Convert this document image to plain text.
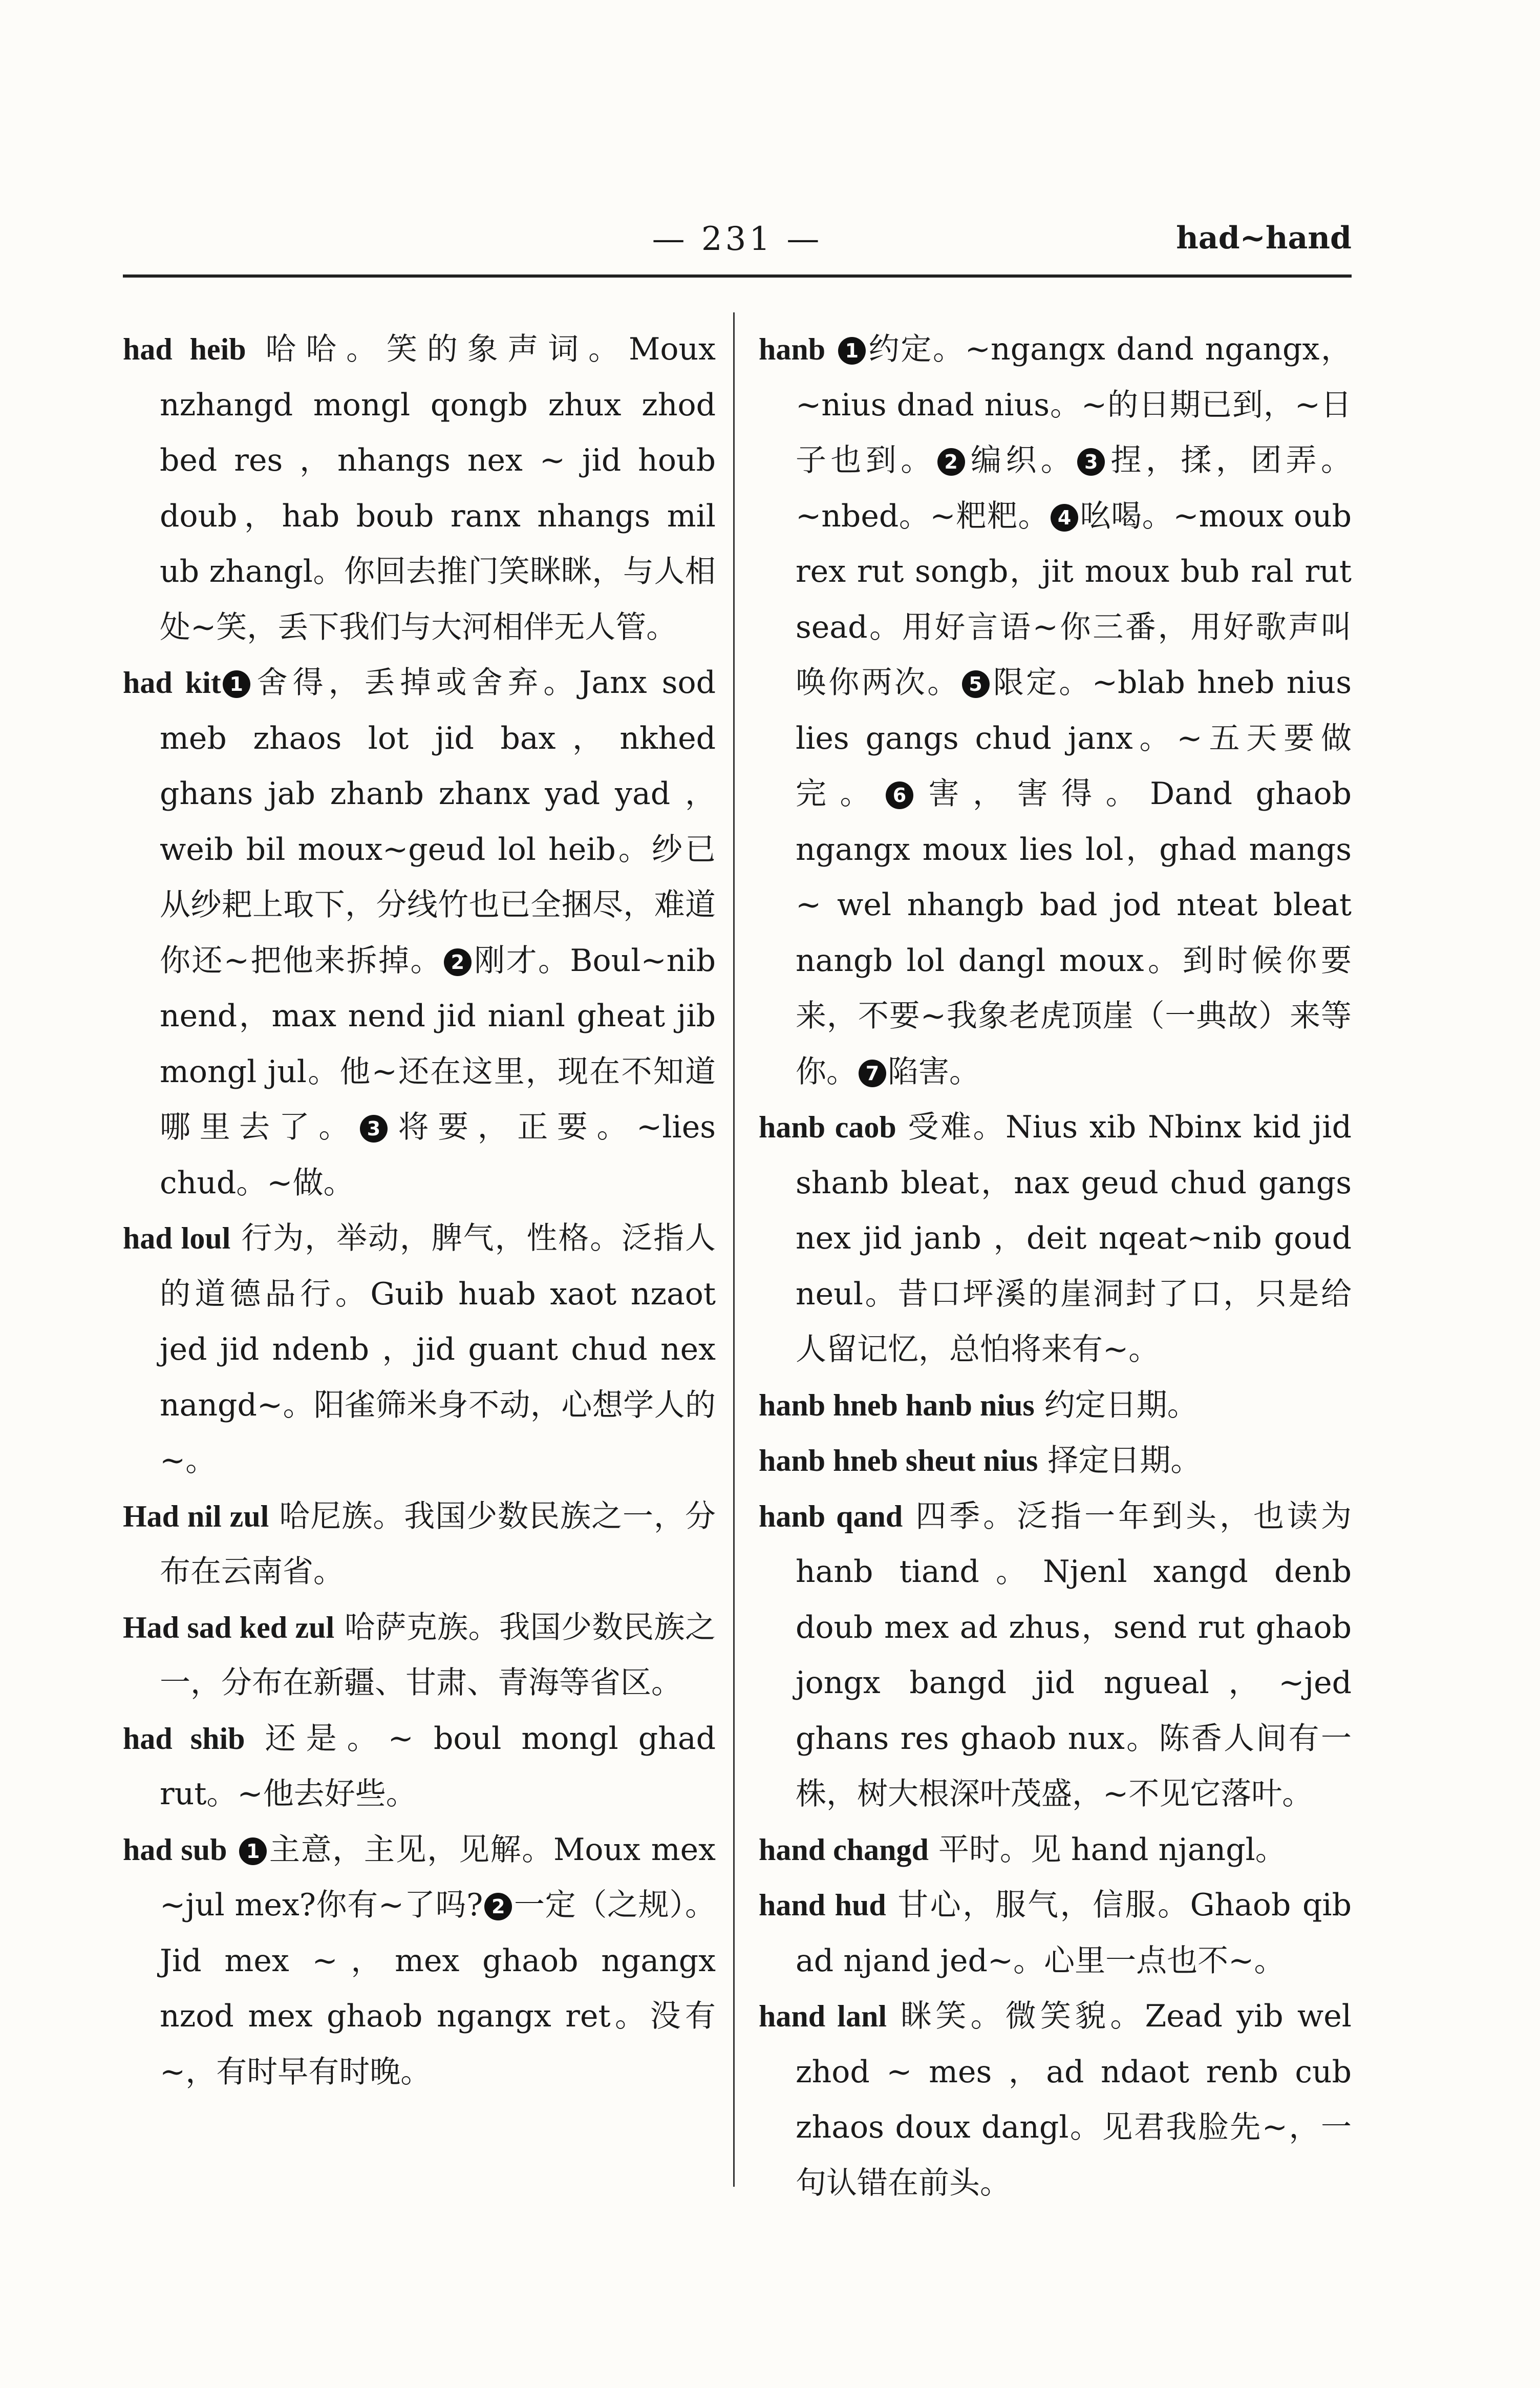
— 231 —	had~hand

had heib 哈哈。笑的象声词。Moux nzhangd mongl qongb zhux zhod bed res ，nhangs nex ~ jid houb doub，hab boub ranx nhangs mil ub zhangl。你回去推门笑眯眯，与人相处~笑，丢下我们与大河相伴无人管。

had kit 1 舍得，丢掉或舍弃。Janx sod meb zhaos lot jid bax，nkhed ghans jab zhanb zhanx yad yad ，weib bil moux~geud lol heib。纱已从纱耙上取下，分线竹也已全捆尽，难道你还~把他来拆掉。 2 刚才。Boul~nib nend，max nend jid nianl gheat jib mongl jul。他~还在这里，现在不知道哪里去了。 3 将要，正要。~lies chud。~做。

had loul 行为，举动，脾气，性格。泛指人的道德品行。Guib huab xaot nzaot jed jid ndenb ，jid guant chud nex nangd~。阳雀筛米身不动，心想学人的~。

Had nil zul 哈尼族。我国少数民族之一，分布在云南省。

Had sad ked zul 哈萨克族。我国少数民族之一，分布在新疆、甘肃、青海等省区。

had shib 还是。~ boul mongl ghad rut。~他去好些。

had sub 1 主意，主见，见解。Moux mex ~jul mex?你有~了吗? 2 一定（之规）。Jid mex ~，mex ghaob ngangx nzod mex ghaob ngangx ret。没有~，有时早有时晚。

hanb 1 约定。~ngangx dand ngangx，~nius dnad nius。~的日期已到，~日子也到。 2 编织。 3 捏，揉，团弄。~nbed。~粑粑。 4 吆喝。~moux oub rex rut songb，jit moux bub ral rut sead。用好言语~你三番，用好歌声叫唤你两次。 5 限定。~blab hneb nius lies gangs chud janx。~五天要做完。 6 害，害得。Dand ghaob ngangx moux lies lol，ghad mangs ~ wel nhangb bad jod nteat bleat nangb lol dangl moux。到时候你要来，不要~我象老虎顶崖（一典故）来等你。 7 陷害。

hanb caob 受难。Nius xib Nbinx kid jid shanb bleat，nax geud chud gangs nex jid janb ，deit nqeat~nib goud neul。昔口坪溪的崖洞封了口，只是给人留记忆，总怕将来有~。

hanb hneb hanb nius 约定日期。

hanb hneb sheut nius 择定日期。

hanb qand 四季。泛指一年到头，也读为 hanb tiand。Njenl xangd denb doub mex ad zhus，send rut ghaob jongx bangd jid ngueal，~jed ghans res ghaob nux。陈香人间有一株，树大根深叶茂盛，~不见它落叶。

hand changd 平时。见 hand njangl。

hand hud 甘心，服气，信服。Ghaob qib ad njand jed~。心里一点也不~。

hand lanl 眯笑。微笑貌。Zead yib wel zhod ~ mes ，ad ndaot renb cub zhaos doux dangl。见君我脸先~，一句认错在前头。
